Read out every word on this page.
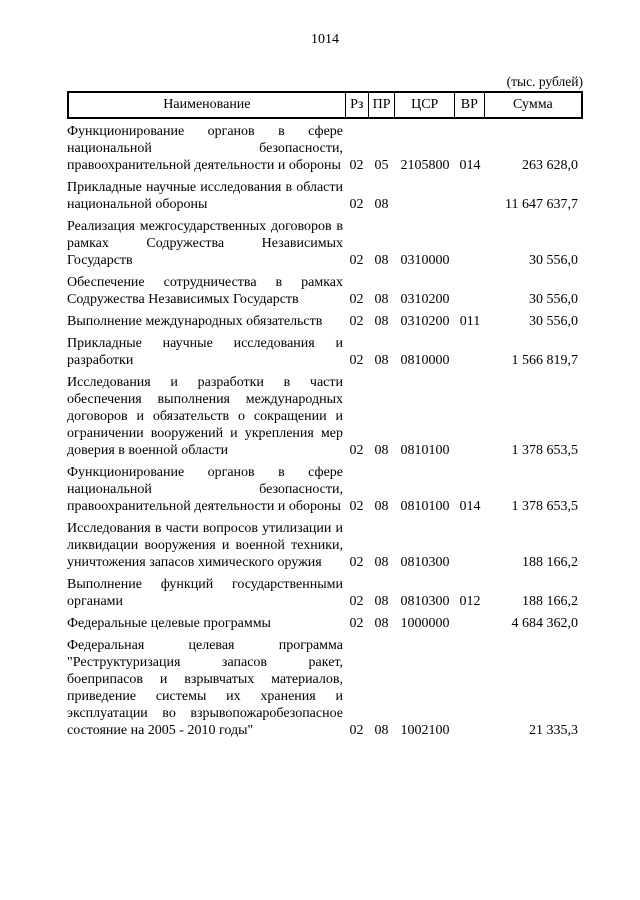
1014
(тыс. рублей)
Наименование	Рз ПР	ЦСР	ВР	Сумма
Функционирование органов в сфере национальной безопасности, правоохранительной деятельности и обороны 02 05 2105800 014	263 628,0
Прикладные научные исследования в области национальной обороны	02 08	11 647 637,7
Реализация межгосударственных договоров в рамках Содружества Независимых Государств	02 08 0310000	30 556,0
Обеспечение сотрудничества в рамках Содружества Независимых Государств	02 08 0310200	30 556,0
Выполнение международных обязательств	02 08 0310200 011	30 556,0
Прикладные научные исследования и разработки	02 08 0810000	1 566 819,7
Исследования и разработки в части обеспечения выполнения международных договоров и обязательств о сокращении и ограничении вооружений и укрепления мер доверия в военной области	02 08 0810100	1 378 653,5
Функционирование органов в сфере национальной безопасности, правоохранительной деятельности и обороны 02 08 0810100 014	1 378 653,5
Исследования в части вопросов утилизации и ликвидации вооружения и военной техники, уничтожения запасов химического оружия	02 08 0810300	188 166,2
Выполнение функций государственными органами	02 08 0810300 012	188 166,2
Федеральные целевые программы	02 08 1000000	4 684 362,0
Федеральная целевая программа "Реструктуризация запасов ракет, боеприпасов и взрывчатых материалов, приведение системы их хранения и эксплуатации во взрывопожаробезопасное состояние на 2005 - 2010 годы"	02 08 1002100	21 335,3
